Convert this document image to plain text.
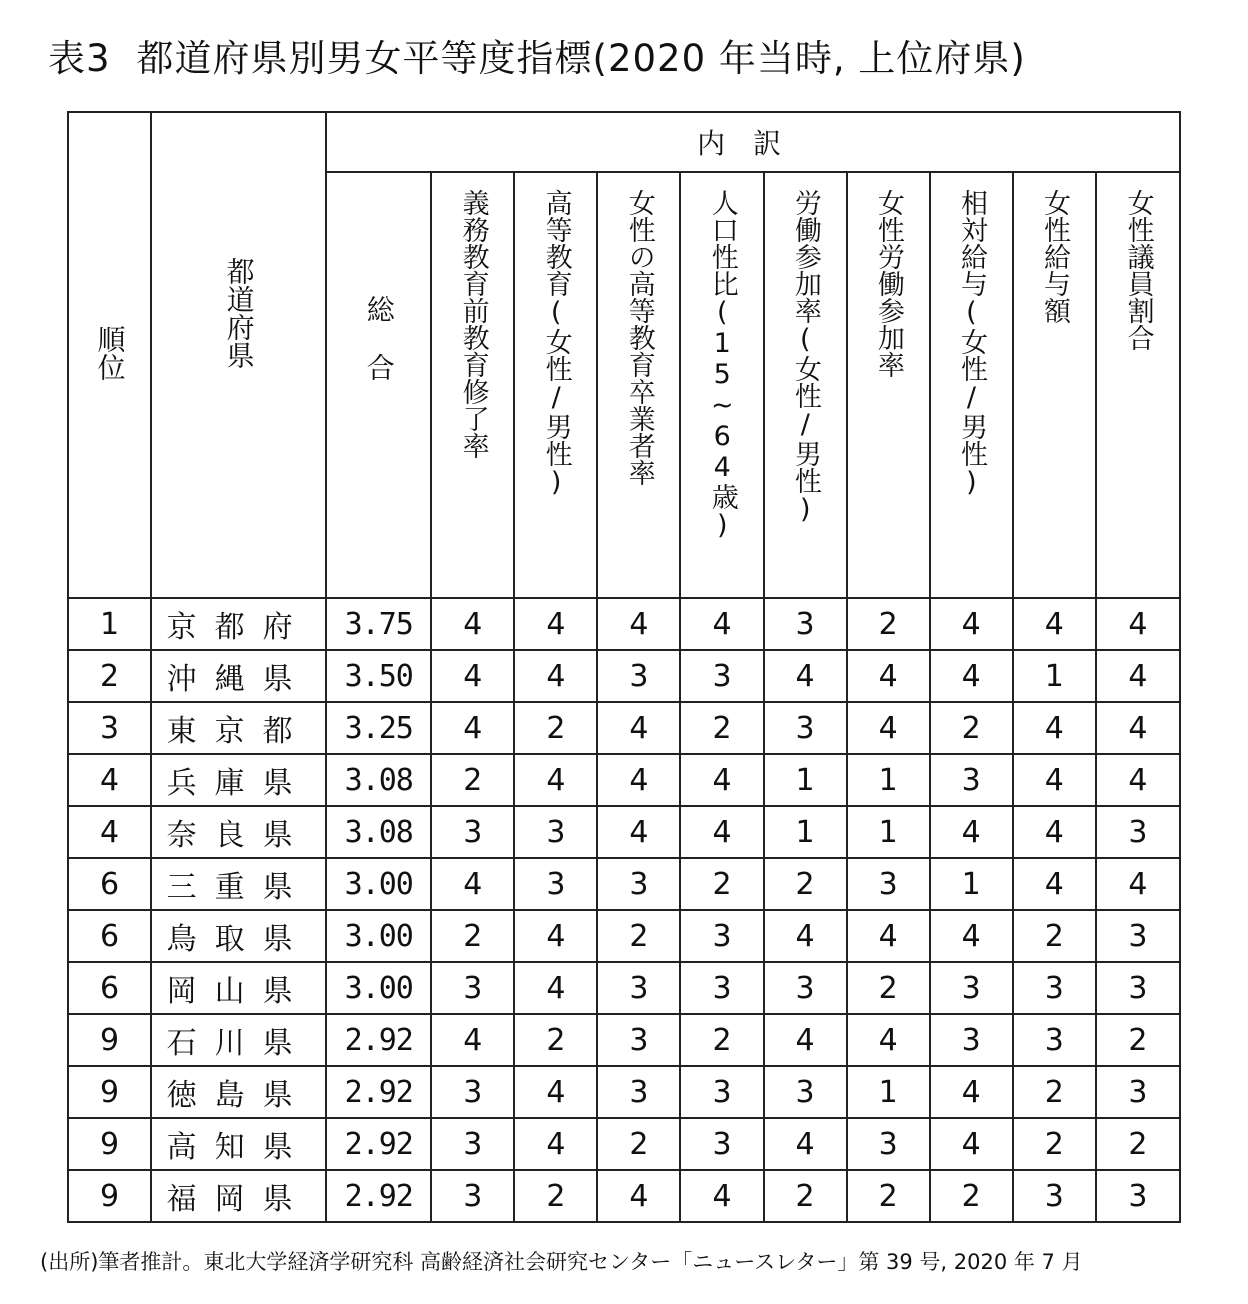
表3 都道府県別男女平等度指標(2020 年当時, 上位府県)
順位	都道府県	内訳									
		総合	義務教育前教育修了率	高等教育(女性/男性)	女性の高等教育卒業者率	人口性比(15~64歳)	労働参加率(女性/男性)	女性労働参加率	相対給与(女性/男性)	女性給与額	女性議員割合

1	京都府	3.75	4	4	4	4	3	2	4	4	4
2	沖縄県	3.50	4	4	3	3	4	4	4	1	4
3	東京都	3.25	4	2	4	2	3	4	2	4	4
4	兵庫県	3.08	2	4	4	4	1	1	3	4	4
4	奈良県	3.08	3	3	4	4	1	1	4	4	3
6	三重県	3.00	4	3	3	2	2	3	1	4	4
6	鳥取県	3.00	2	4	2	3	4	4	4	2	3
6	岡山県	3.00	3	4	3	3	3	2	3	3	3
9	石川県	2.92	4	2	3	2	4	4	3	3	2
9	徳島県	2.92	3	4	3	3	3	1	4	2	3
9	高知県	2.92	3	4	2	3	4	3	4	2	2
9	福岡県	2.92	3	2	4	4	2	2	2	3	3
(出所)筆者推計。東北大学経済学研究科 高齢経済社会研究センター「ニュースレター」第 39 号, 2020 年 7 月
